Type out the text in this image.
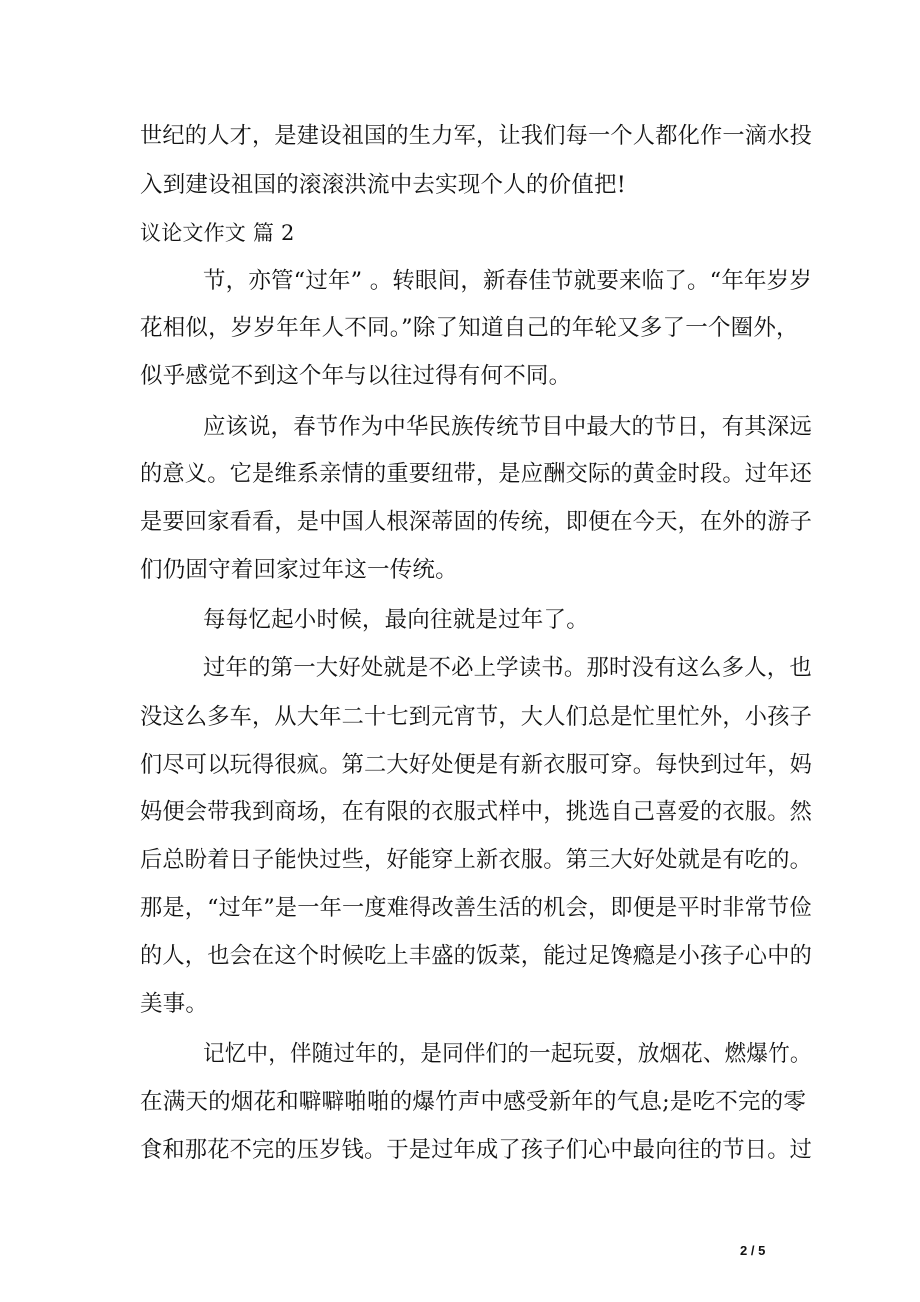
世纪的人才，是建设祖国的生力军，让我们每一个人都化作一滴水投
入到建设祖国的滚滚洪流中去实现个人的价值把!
议论文作文 篇 2
节，亦管“过年” 。转眼间，新春佳节就要来临了。“年年岁岁
花相似，岁岁年年人不同。”除了知道自己的年轮又多了一个圈外，
似乎感觉不到这个年与以往过得有何不同。
应该说，春节作为中华民族传统节目中最大的节日，有其深远
的意义。它是维系亲情的重要纽带，是应酬交际的黄金时段。过年还
是要回家看看，是中国人根深蒂固的传统，即便在今天，在外的游子
们仍固守着回家过年这一传统。
每每忆起小时候，最向往就是过年了。
过年的第一大好处就是不必上学读书。那时没有这么多人，也
没这么多车，从大年二十七到元宵节，大人们总是忙里忙外，小孩子
们尽可以玩得很疯。第二大好处便是有新衣服可穿。每快到过年，妈
妈便会带我到商场，在有限的衣服式样中，挑选自己喜爱的衣服。然
后总盼着日子能快过些，好能穿上新衣服。第三大好处就是有吃的。
那是，“过年”是一年一度难得改善生活的机会，即便是平时非常节俭
的人，也会在这个时候吃上丰盛的饭菜，能过足馋瘾是小孩子心中的
美事。
记忆中，伴随过年的，是同伴们的一起玩耍，放烟花、燃爆竹。
在满天的烟花和噼噼啪啪的爆竹声中感受新年的气息;是吃不完的零
食和那花不完的压岁钱。于是过年成了孩子们心中最向往的节日。过
2 / 5
